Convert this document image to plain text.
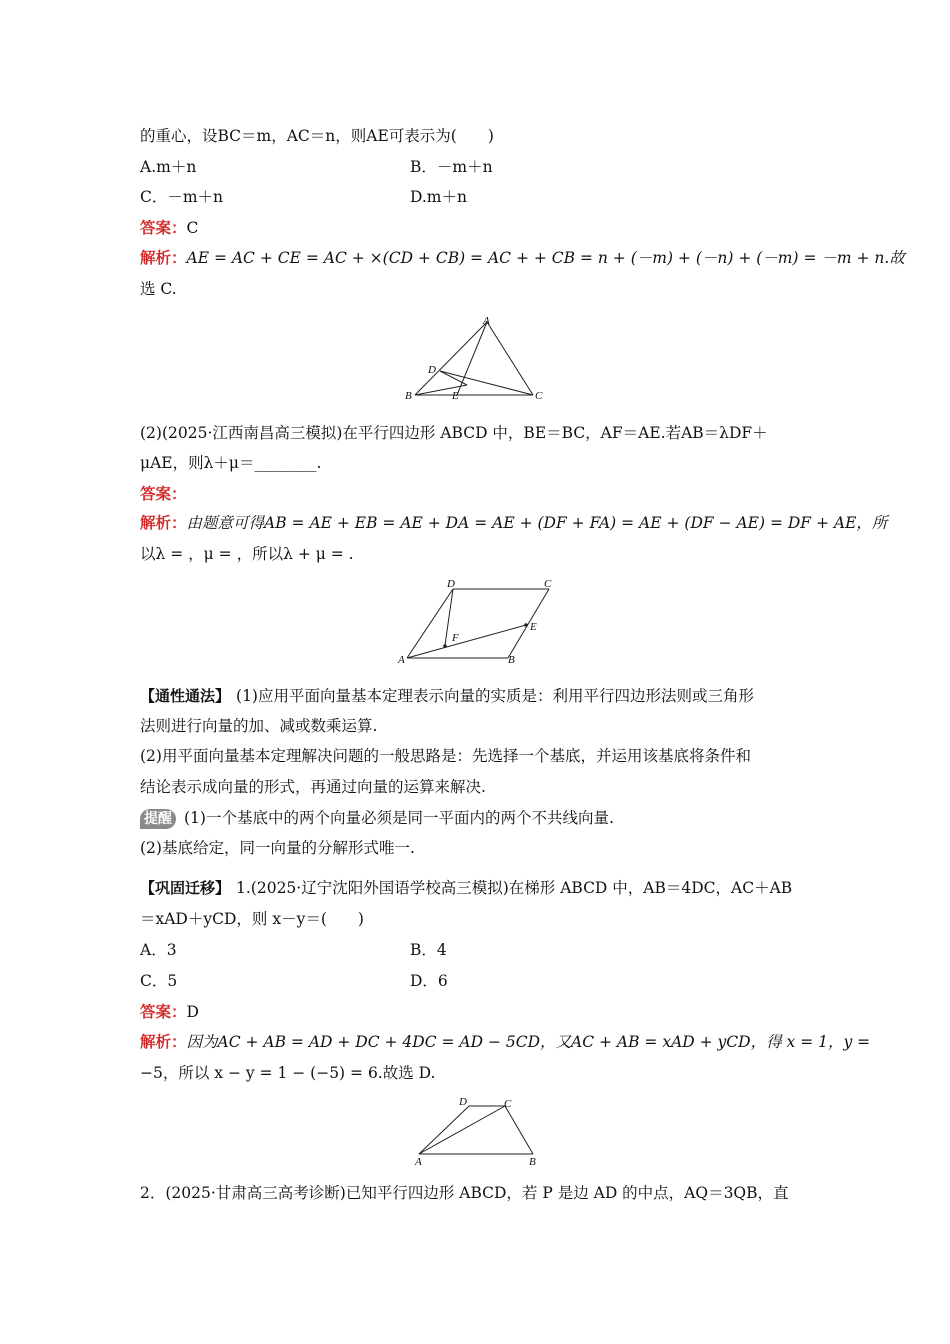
的重心，设BC＝m，AC＝n，则AE可表示为(　　)
A.m＋n	B．－m＋n
C．－m＋n	D.m＋n
答案：C
解析：AE = AC + CE = AC + ×(CD + CB) = AC + + CB = n + (－m) + (－n) + (－m) = －m + n.故
选 C.
A
B	C
D
E
(2)(2025·江西南昌高三模拟)在平行四边形 ABCD 中，BE＝BC，AF＝AE.若AB＝λDF＋
μAE，则λ＋μ＝________.
答案：
解析：由题意可得AB = AE + EB = AE + DA = AE + (DF + FA) = AE + (DF − AE) = DF + AE，所
以λ = ，μ = ，所以λ + μ = .
D	C
F
E
A	B
【通性通法】 (1)应用平面向量基本定理表示向量的实质是：利用平行四边形法则或三角形
法则进行向量的加、减或数乘运算.
(2)用平面向量基本定理解决问题的一般思路是：先选择一个基底，并运用该基底将条件和
结论表示成向量的形式，再通过向量的运算来解决.
提醒 (1)一个基底中的两个向量必须是同一平面内的两个不共线向量.
(2)基底给定，同一向量的分解形式唯一.
【巩固迁移】 1.(2025·辽宁沈阳外国语学校高三模拟)在梯形 ABCD 中，AB＝4DC，AC＋AB
＝xAD＋yCD，则 x－y＝(　　)
A．3	B．4
C．5	D．6
答案：D
解析：因为AC + AB = AD + DC + 4DC = AD − 5CD，又AC + AB = xAD + yCD，得 x = 1，y =
−5，所以 x − y = 1 − (−5) = 6.故选 D.
D	C
A	B
2．(2025·甘肃高三高考诊断)已知平行四边形 ABCD，若 P 是边 AD 的中点，AQ＝3QB，直
